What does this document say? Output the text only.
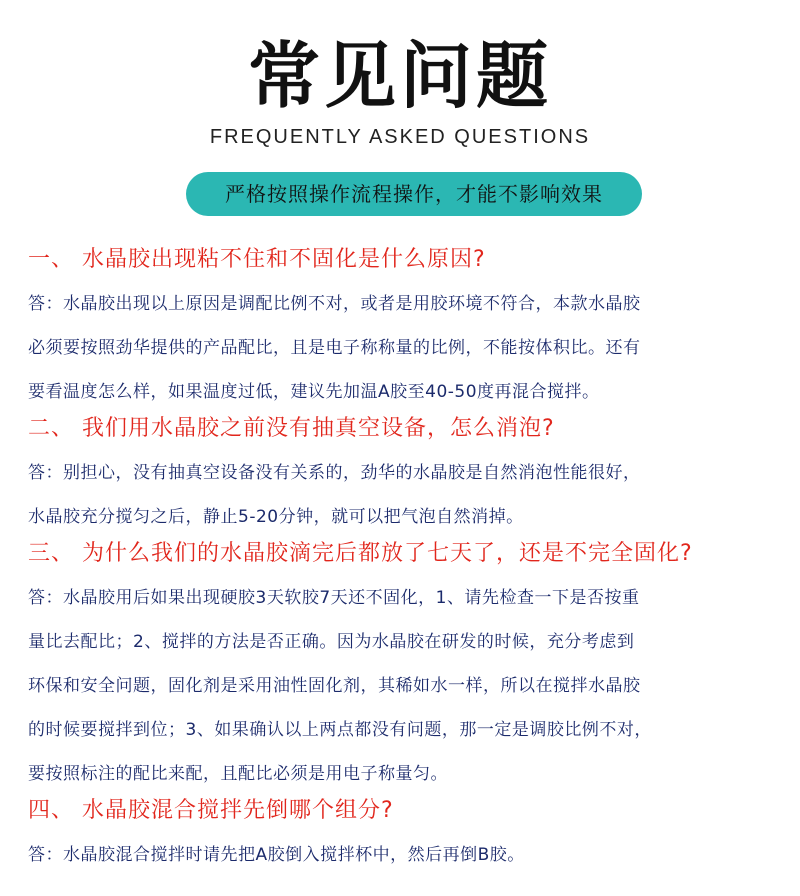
常见问题
FREQUENTLY ASKED QUESTIONS
严格按照操作流程操作，才能不影响效果
一、 水晶胶出现粘不住和不固化是什么原因?
答：水晶胶出现以上原因是调配比例不对，或者是用胶环境不符合，本款水晶胶
必须要按照劲华提供的产品配比，且是电子称称量的比例，不能按体积比。还有
要看温度怎么样，如果温度过低，建议先加温A胶至40-50度再混合搅拌。
二、 我们用水晶胶之前没有抽真空设备，怎么消泡?
答：别担心，没有抽真空设备没有关系的，劲华的水晶胶是自然消泡性能很好，
水晶胶充分搅匀之后，静止5-20分钟，就可以把气泡自然消掉。
三、 为什么我们的水晶胶滴完后都放了七天了，还是不完全固化?
答：水晶胶用后如果出现硬胶3天软胶7天还不固化，1、请先检查一下是否按重
量比去配比；2、搅拌的方法是否正确。因为水晶胶在研发的时候，充分考虑到
环保和安全问题，固化剂是采用油性固化剂，其稀如水一样，所以在搅拌水晶胶
的时候要搅拌到位；3、如果确认以上两点都没有问题，那一定是调胶比例不对，
要按照标注的配比来配，且配比必须是用电子称量匀。
四、 水晶胶混合搅拌先倒哪个组分?
答：水晶胶混合搅拌时请先把A胶倒入搅拌杯中，然后再倒B胶。
